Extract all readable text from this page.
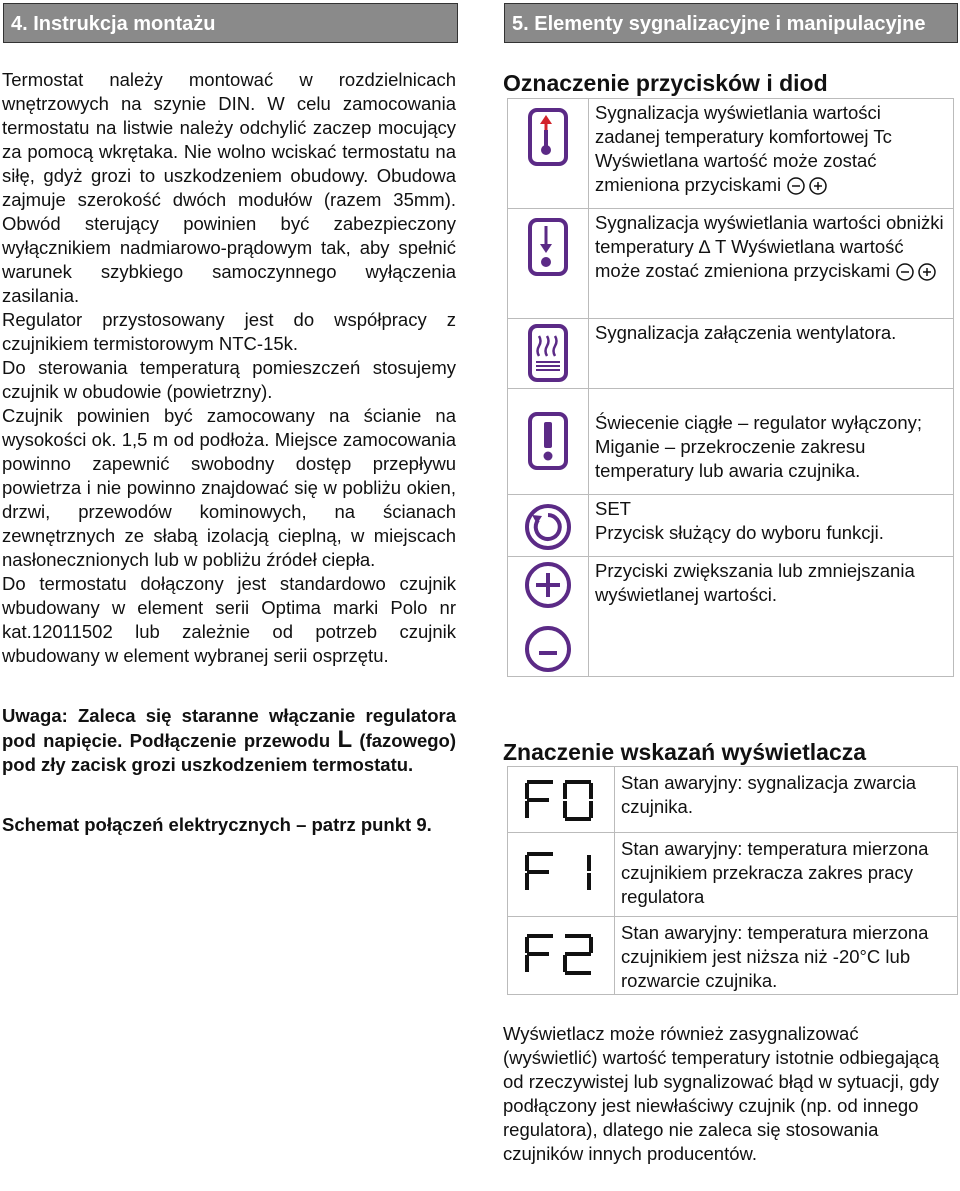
4. Instrukcja montażu

Termostat należy montować w rozdzielnicach wnętrzowych na szynie DIN. W celu zamocowania termostatu na listwie należy odchylić zaczep mocujący za pomocą wkrętaka. Nie wolno wciskać termostatu na siłę, gdyż grozi to uszkodzeniem obudowy. Obudowa zajmuje szerokość dwóch modułów (razem 35mm). Obwód sterujący powinien być zabezpieczony wyłącznikiem nadmiarowo-prądowym tak, aby spełnić warunek szybkiego samoczynnego wyłączenia zasilania.

Regulator przystosowany jest do współpracy z czujnikiem termistorowym NTC-15k.

Do sterowania temperaturą pomieszczeń stosujemy czujnik w obudowie (powietrzny).

Czujnik powinien być zamocowany na ścianie na wysokości ok. 1,5 m od podłoża. Miejsce zamocowania powinno zapewnić swobodny dostęp przepływu powietrza i nie powinno znajdować się w pobliżu okien, drzwi, przewodów kominowych, na ścianach zewnętrznych ze słabą izolacją cieplną, w miejscach nasłonecznionych lub w pobliżu źródeł ciepła.

Do termostatu dołączony jest standardowo czujnik wbudowany w element serii Optima marki Polo nr kat.12011502 lub zależnie od potrzeb czujnik wbudowany w element wybranej serii osprzętu.

Uwaga: Zaleca się staranne włączanie regulatora pod napięcie. Podłączenie przewodu L (fazowego) pod zły zacisk grozi uszkodzeniem termostatu.

Schemat połączeń elektrycznych – patrz punkt 9.

5. Elementy sygnalizacyjne i manipulacyjne
Oznaczenie przycisków i diod
	Sygnalizacja wyświetlania wartości zadanej temperatury komfortowej Tc Wyświetlana wartość może zostać zmieniona przyciskami

	Sygnalizacja wyświetlania wartości obniżki temperatury ∆ T Wyświetlana wartość może zostać zmieniona przyciskami

	Sygnalizacja załączenia wentylatora.

Świecenie ciągłe – regulator wyłączony;
Miganie – przekroczenie zakresu temperatury lub awaria czujnika.

SET
Przycisk służący do wyboru funkcji.

	Przyciski zwiększania lub zmniejszania wyświetlanej wartości.
Znaczenie wskazań wyświetlacza
	Stan awaryjny: sygnalizacja zwarcia czujnika.

	Stan awaryjny: temperatura mierzona czujnikiem przekracza zakres pracy regulatora

	Stan awaryjny: temperatura mierzona czujnikiem jest niższa niż -20°C lub rozwarcie czujnika.
Wyświetlacz może również zasygnalizować (wyświetlić) wartość temperatury istotnie odbiegającą od rzeczywistej lub sygnalizować błąd w sytuacji, gdy podłączony jest niewłaściwy czujnik (np. od innego regulatora), dlatego nie zaleca się stosowania czujników innych producentów.
